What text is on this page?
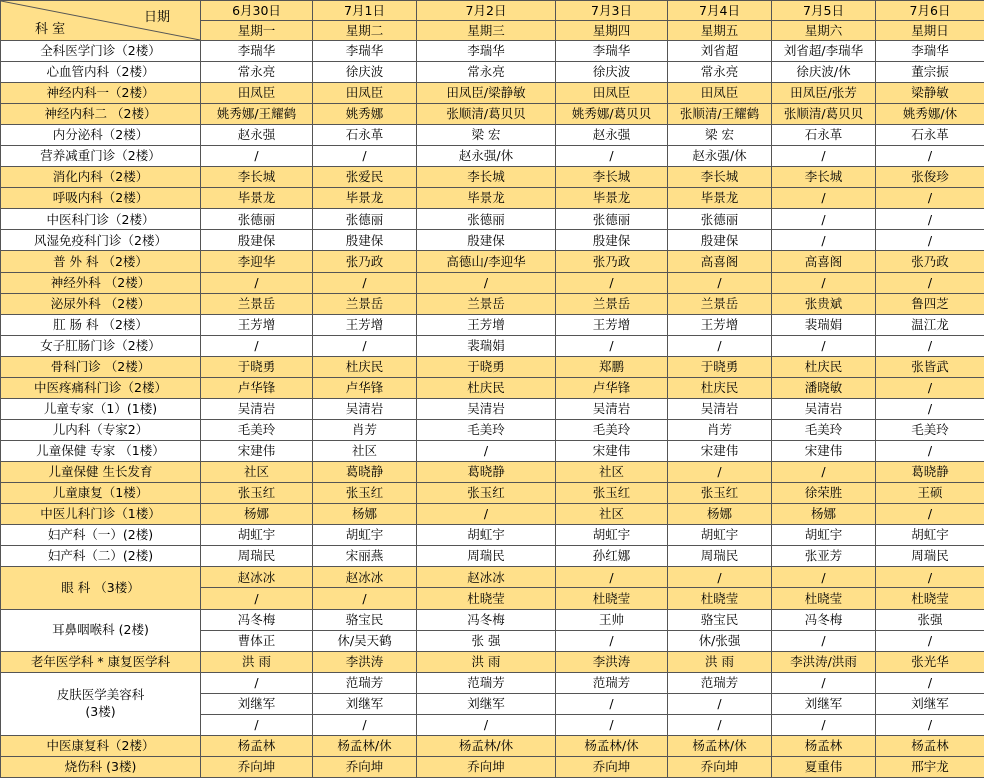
科 室
日期	6月30日	7月1日	7月2日	7月3日	7月4日	7月5日	7月6日
	星期一	星期二	星期三	星期四	星期五	星期六	星期日
全科医学门诊（2楼）	李瑞华	李瑞华	李瑞华	李瑞华	刘省超	刘省超/李瑞华	李瑞华
心血管内科（2楼）	常永亮	徐庆波	常永亮	徐庆波	常永亮	徐庆波/休	董宗振
神经内科一（2楼）	田凤臣	田凤臣	田凤臣/梁静敏	田凤臣	田凤臣	田凤臣/张芳	梁静敏
神经内科二 （2楼）	姚秀娜/王耀鹤	姚秀娜	张顺清/葛贝贝	姚秀娜/葛贝贝	张顺清/王耀鹤	张顺清/葛贝贝	姚秀娜/休
内分泌科（2楼）	赵永强	石永革	梁 宏	赵永强	梁 宏	石永革	石永革
营养减重门诊（2楼）	/	/	赵永强/休	/	赵永强/休	/	/
消化内科（2楼）	李长城	张爱民	李长城	李长城	李长城	李长城	张俊珍
呼吸内科（2楼）	毕景龙	毕景龙	毕景龙	毕景龙	毕景龙	/	/
中医科门诊（2楼）	张德丽	张德丽	张德丽	张德丽	张德丽	/	/
风湿免疫科门诊（2楼）	殷建保	殷建保	殷建保	殷建保	殷建保	/	/
普 外 科 （2楼）	李迎华	张乃政	高德山/李迎华	张乃政	高喜阁	高喜阁	张乃政
神经外科 （2楼）	/	/	/	/	/	/	/
泌尿外科 （2楼）	兰景岳	兰景岳	兰景岳	兰景岳	兰景岳	张贵斌	鲁四芝
肛 肠 科 （2楼）	王芳增	王芳增	王芳增	王芳增	王芳增	裴瑞娟	温江龙
女子肛肠门诊（2楼）	/	/	裴瑞娟	/	/	/	/
骨科门诊 （2楼）	于晓勇	杜庆民	于晓勇	郑鹏	于晓勇	杜庆民	张皆武
中医疼痛科门诊（2楼）	卢华锋	卢华锋	杜庆民	卢华锋	杜庆民	潘晓敏	/
儿童专家（1）(1楼)	吴清岩	吴清岩	吴清岩	吴清岩	吴清岩	吴清岩	/
儿内科（专家2）	毛美玲	肖芳	毛美玲	毛美玲	肖芳	毛美玲	毛美玲
儿童保健 专家 （1楼）	宋建伟	社区	/	宋建伟	宋建伟	宋建伟	/
儿童保健 生长发育	社区	葛晓静	葛晓静	社区	/	/	葛晓静
儿童康复（1楼）	张玉红	张玉红	张玉红	张玉红	张玉红	徐荣胜	王硕
中医儿科门诊（1楼）	杨娜	杨娜	/	社区	杨娜	杨娜	/
妇产科（一）(2楼)	胡虹宇	胡虹宇	胡虹宇	胡虹宇	胡虹宇	胡虹宇	胡虹宇
妇产科（二）(2楼)	周瑞民	宋丽燕	周瑞民	孙红娜	周瑞民	张亚芳	周瑞民
眼 科 （3楼）	赵冰冰	赵冰冰	赵冰冰	/	/	/	/
	/	/	杜晓莹	杜晓莹	杜晓莹	杜晓莹	杜晓莹
耳鼻咽喉科 (2楼)	冯冬梅	骆宝民	冯冬梅	王帅	骆宝民	冯冬梅	张强
	曹体正	休/吴天鹤	张 强	/	休/张强	/	/
老年医学科 * 康复医学科	洪 雨	李洪涛	洪 雨	李洪涛	洪 雨	李洪涛/洪雨	张光华

皮肤医学美容科
(3楼)	/	范瑞芳	范瑞芳	范瑞芳	范瑞芳	/	/
	刘继军	刘继军	刘继军	/	/	刘继军	刘继军
	/	/	/	/	/	/	/
中医康复科（2楼）	杨孟林	杨孟林/休	杨孟林/休	杨孟林/休	杨孟林/休	杨孟林	杨孟林
烧伤科 (3楼)	乔向坤	乔向坤	乔向坤	乔向坤	乔向坤	夏重伟	邢宇龙
